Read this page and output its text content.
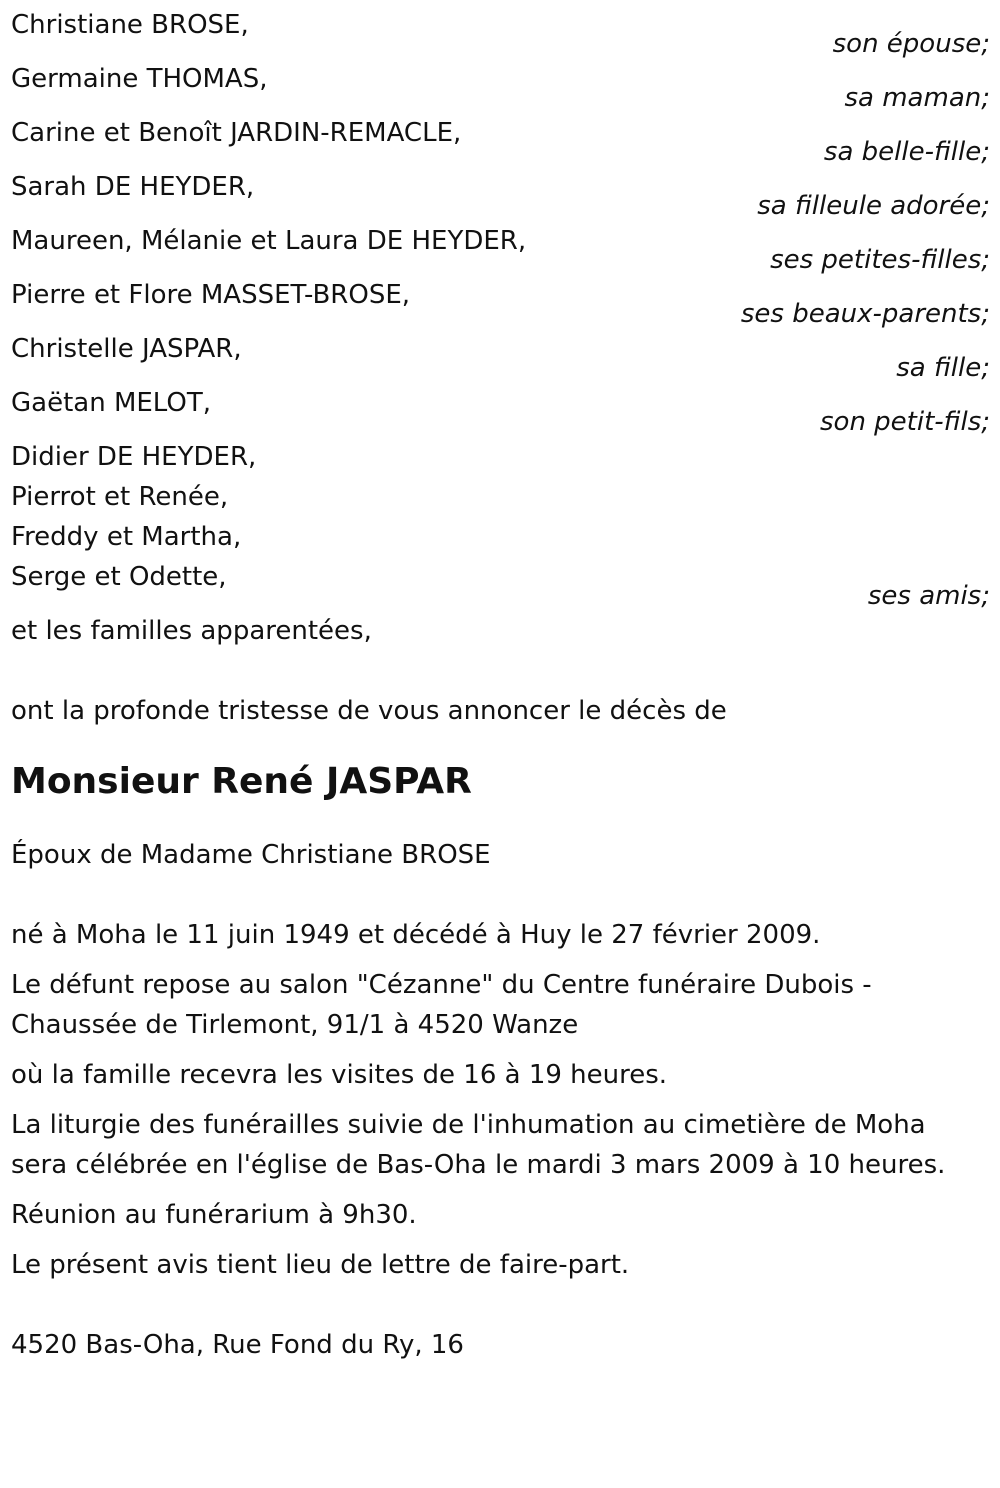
Christiane BROSE,
son épouse;
Germaine THOMAS,
sa maman;
Carine et Benoît JARDIN-REMACLE,
sa belle-fille;
Sarah DE HEYDER,
sa filleule adorée;
Maureen, Mélanie et Laura DE HEYDER,
ses petites-filles;
Pierre et Flore MASSET-BROSE,
ses beaux-parents;
Christelle JASPAR,
sa fille;
Gaëtan MELOT,
son petit-fils;
Didier DE HEYDER,
Pierrot et Renée,
Freddy et Martha,
Serge et Odette,
ses amis;
et les familles apparentées,
ont la profonde tristesse de vous annoncer le décès de
Monsieur René JASPAR
Époux de Madame Christiane BROSE
né à Moha le 11 juin 1949 et décédé à Huy le 27 février 2009.
Le défunt repose au salon "Cézanne" du Centre funéraire Dubois -
Chaussée de Tirlemont, 91/1 à 4520 Wanze
où la famille recevra les visites de 16 à 19 heures.
La liturgie des funérailles suivie de l'inhumation au cimetière de Moha
sera célébrée en l'église de Bas-Oha le mardi 3 mars 2009 à 10 heures.
Réunion au funérarium à 9h30.
Le présent avis tient lieu de lettre de faire-part.
4520 Bas-Oha, Rue Fond du Ry, 16
